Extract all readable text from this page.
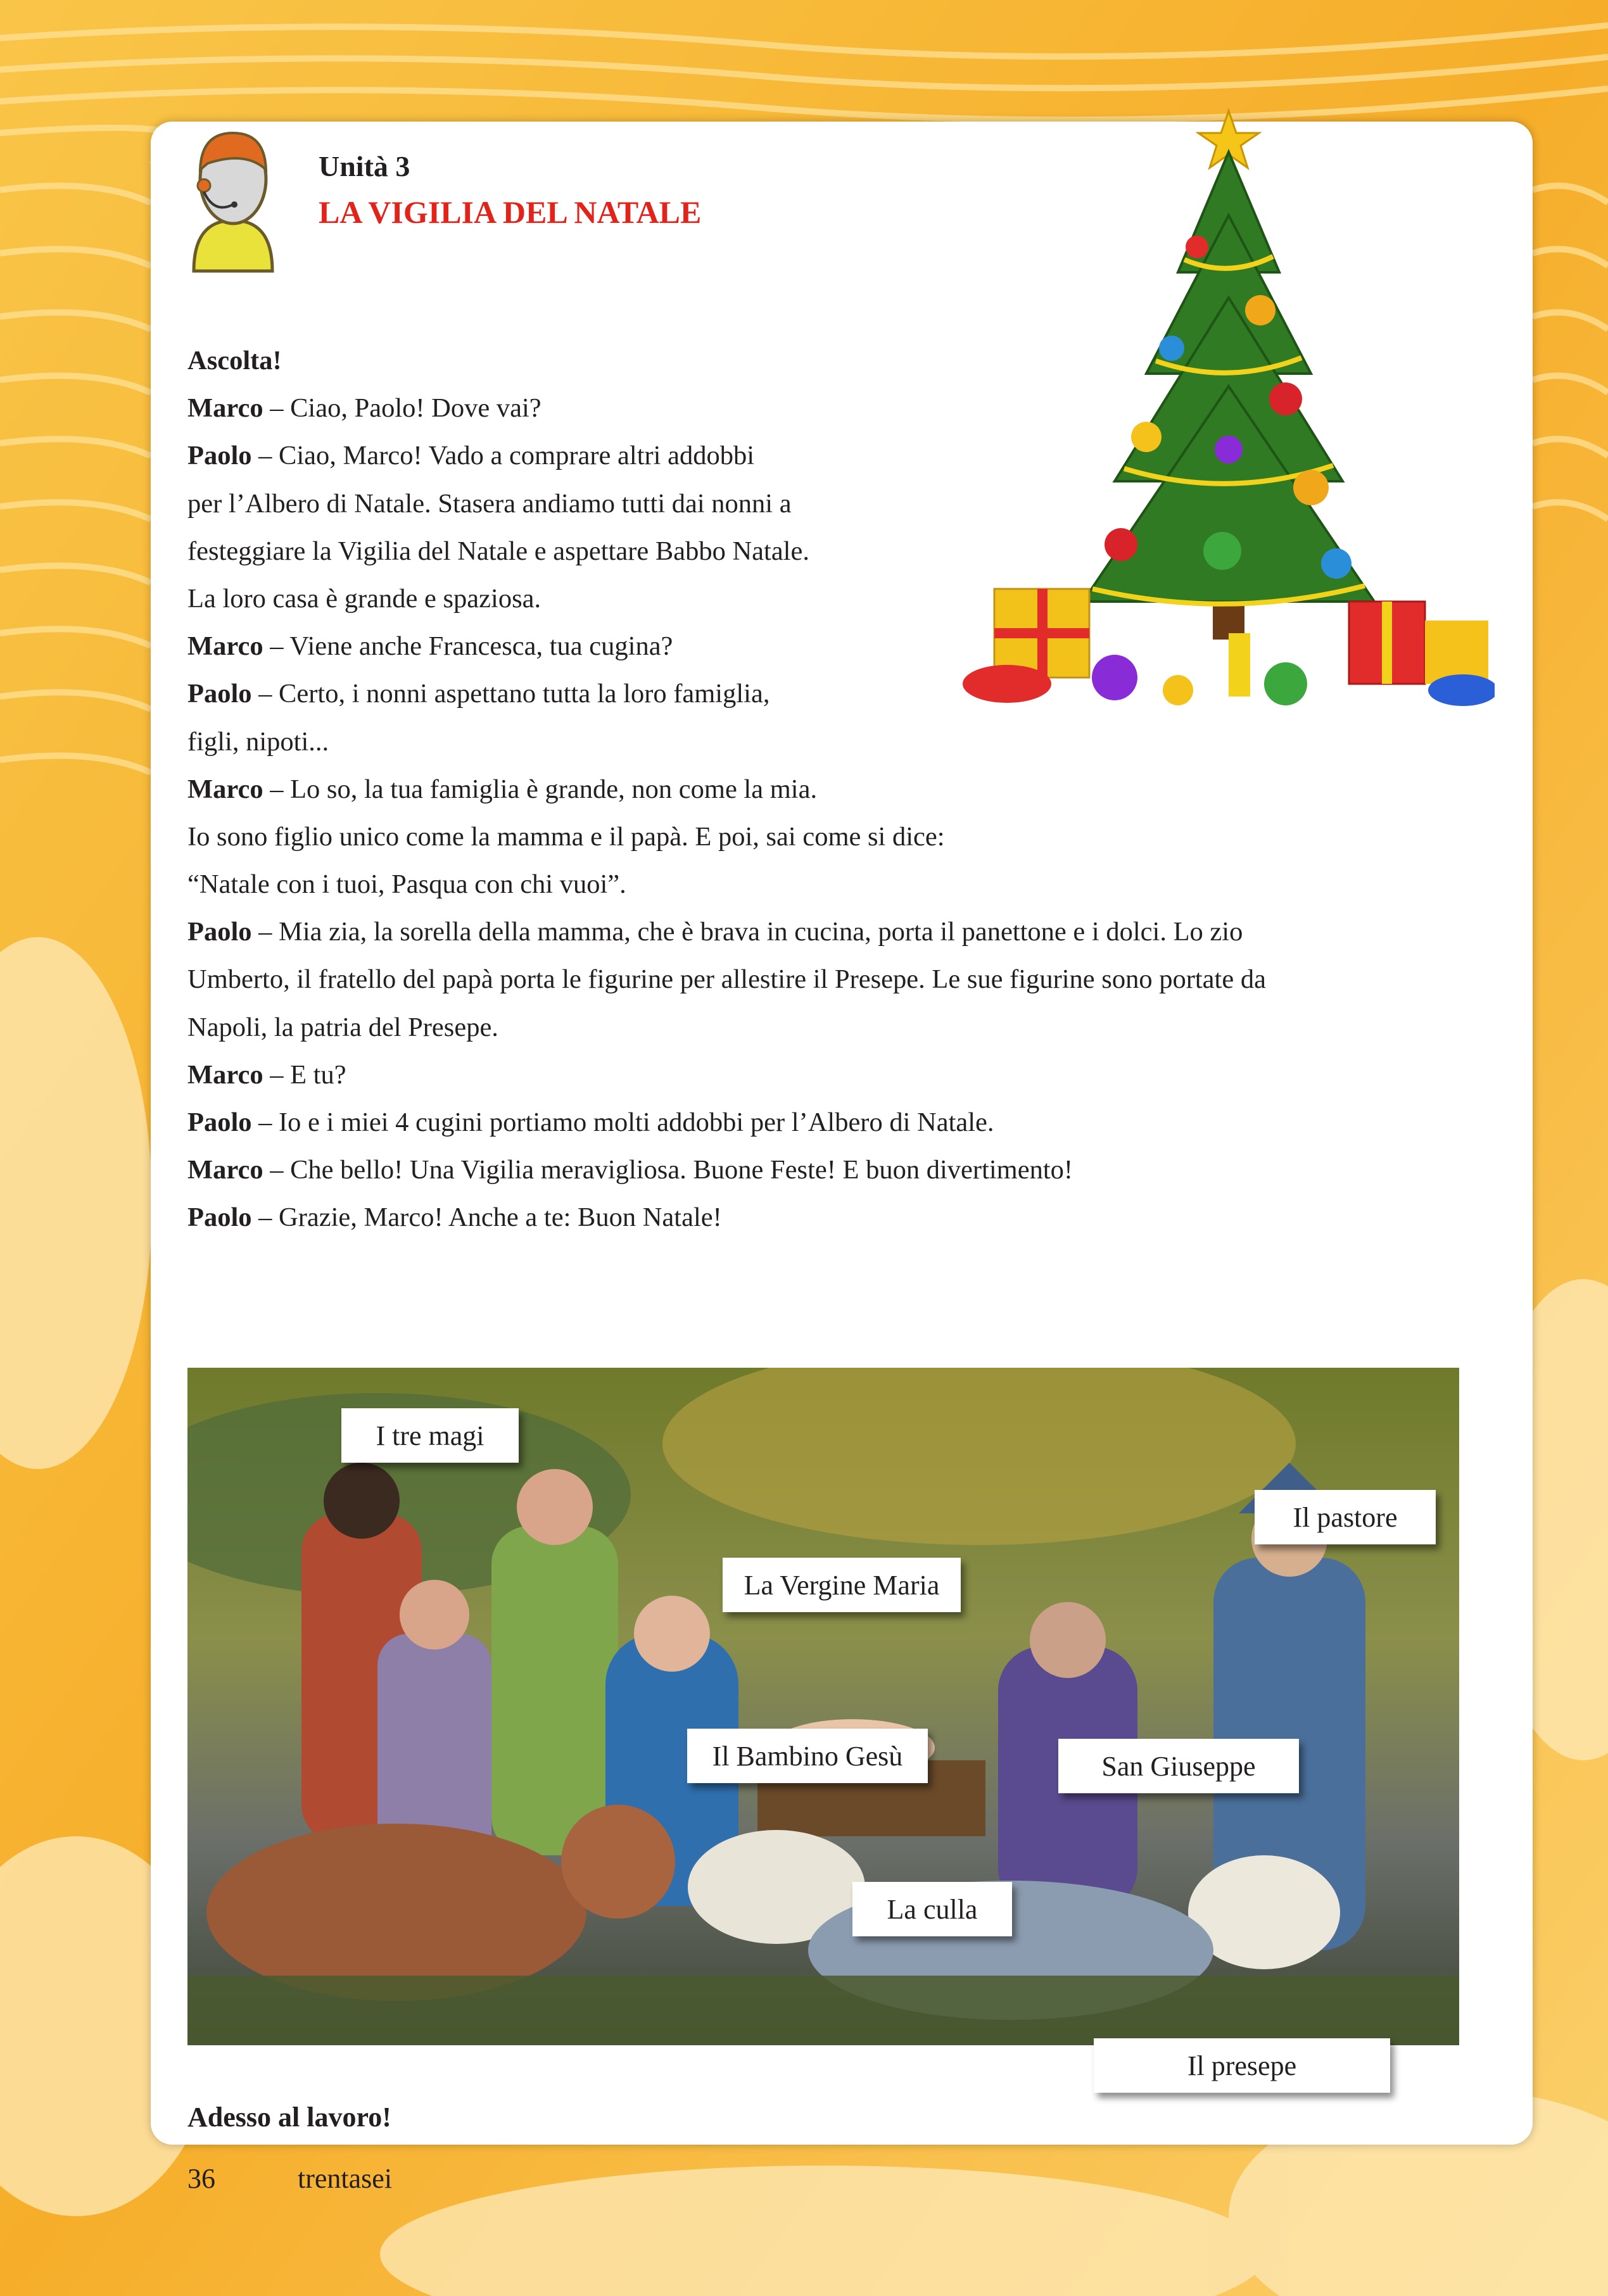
Unità 3
LA VIGILIA DEL NATALE
Ascolta!
Marco – Ciao, Paolo! Dove vai?
Paolo – Ciao, Marco! Vado a comprare altri addobbi
per l’Albero di Natale. Stasera andiamo tutti dai nonni a
festeggiare la Vigilia del Natale e aspettare Babbo Natale.
La loro casa è grande e spaziosa.
Marco – Viene anche Francesca, tua cugina?
Paolo – Certo, i nonni aspettano tutta la loro famiglia,
figli, nipoti...
Marco – Lo so, la tua famiglia è grande, non come la mia.
Io sono figlio unico come la mamma e il papà. E poi, sai come si dice:
“Natale con i tuoi, Pasqua con chi vuoi”.
Paolo – Mia zia, la sorella della mamma, che è brava in cucina, porta il panettone e i dolci. Lo zio
Umberto, il fratello del papà porta le figurine per allestire il Presepe. Le sue figurine sono portate da
Napoli, la patria del Presepe.
Marco – E tu?
Paolo – Io e i miei 4 cugini portiamo molti addobbi per l’Albero di Natale.
Marco – Che bello! Una Vigilia meravigliosa. Buone Feste! E buon divertimento!
Paolo – Grazie, Marco! Anche a te: Buon Natale!
I tre magi
Il pastore
La Vergine Maria
Il Bambino Gesù	San Giuseppe
La culla
Il presepe
Adesso al lavoro!
36	trentasei
